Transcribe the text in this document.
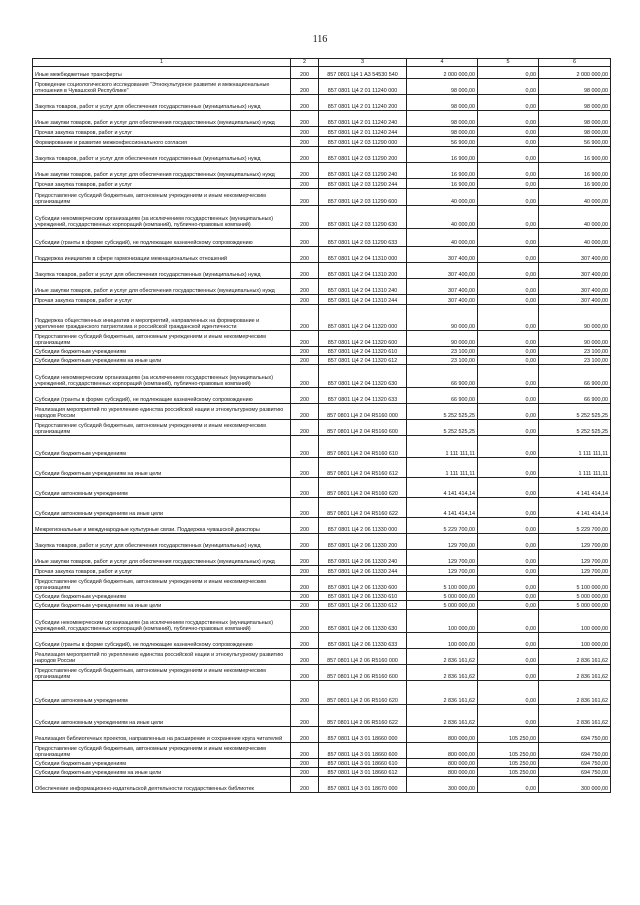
116
1	2	3	4	5	6
Иные межбюджетные трансферты	200	857 0801 Ц4 1 А3 54530 540	2 000 000,00	0,00	2 000 000,00
Проведение социологического исследования "Этнокультурное развитие и межнациональные отношения в Чувашской Республике"	200	857 0801 Ц4 2 01 11240 000	98 000,00	0,00	98 000,00
Закупка товаров, работ и услуг для обеспечения государственных (муниципальных) нужд	200	857 0801 Ц4 2 01 11240 200	98 000,00	0,00	98 000,00
Иные закупки товаров, работ и услуг для обеспечения государственных (муниципальных) нужд	200	857 0801 Ц4 2 01 11240 240	98 000,00	0,00	98 000,00
Прочая закупка товаров, работ и услуг	200	857 0801 Ц4 2 01 11240 244	98 000,00	0,00	98 000,00
Формирование и развитие межконфессионального согласия	200	857 0801 Ц4 2 03 11290 000	56 900,00	0,00	56 900,00
Закупка товаров, работ и услуг для обеспечения государственных (муниципальных) нужд	200	857 0801 Ц4 2 03 11290 200	16 900,00	0,00	16 900,00
Иные закупки товаров, работ и услуг для обеспечения государственных (муниципальных) нужд	200	857 0801 Ц4 2 03 11290 240	16 900,00	0,00	16 900,00
Прочая закупка товаров, работ и услуг	200	857 0801 Ц4 2 03 11290 244	16 900,00	0,00	16 900,00
Предоставление субсидий бюджетным, автономным учреждениям и иным некоммерческим организациям	200	857 0801 Ц4 2 03 11290 600	40 000,00	0,00	40 000,00
Субсидии некоммерческим организациям (за исключением государственных (муниципальных) учреждений, государственных корпораций (компаний), публично-правовых компаний)	200	857 0801 Ц4 2 03 11290 630	40 000,00	0,00	40 000,00
Субсидии (гранты в форме субсидий), не подлежащие казначейскому сопровождению	200	857 0801 Ц4 2 03 11290 633	40 000,00	0,00	40 000,00
Поддержка инициатив в сфере гармонизации межнациональных отношений	200	857 0801 Ц4 2 04 11310 000	307 400,00	0,00	307 400,00
Закупка товаров, работ и услуг для обеспечения государственных (муниципальных) нужд	200	857 0801 Ц4 2 04 11310 200	307 400,00	0,00	307 400,00
Иные закупки товаров, работ и услуг для обеспечения государственных (муниципальных) нужд	200	857 0801 Ц4 2 04 11310 240	307 400,00	0,00	307 400,00
Прочая закупка товаров, работ и услуг	200	857 0801 Ц4 2 04 11310 244	307 400,00	0,00	307 400,00
Поддержка общественных инициатив и мероприятий, направленных на формирование и укрепление гражданского патриотизма и российской гражданской идентичности	200	857 0801 Ц4 2 04 11320 000	90 000,00	0,00	90 000,00
Предоставление субсидий бюджетным, автономным учреждениям и иным некоммерческим организациям	200	857 0801 Ц4 2 04 11320 600	90 000,00	0,00	90 000,00
Субсидии бюджетным учреждениям	200	857 0801 Ц4 2 04 11320 610	23 100,00	0,00	23 100,00
Субсидии бюджетным учреждениям на иные цели	200	857 0801 Ц4 2 04 11320 612	23 100,00	0,00	23 100,00
Субсидии некоммерческим организациям (за исключением государственных (муниципальных) учреждений, государственных корпораций (компаний), публично-правовых компаний)	200	857 0801 Ц4 2 04 11320 630	66 900,00	0,00	66 900,00
Субсидии (гранты в форме субсидий), не подлежащие казначейскому сопровождению	200	857 0801 Ц4 2 04 11320 633	66 900,00	0,00	66 900,00
Реализация мероприятий по укреплению единства российской нации и этнокультурному развитию народов России	200	857 0801 Ц4 2 04 R5160 000	5 252 525,25	0,00	5 252 525,25
Предоставление субсидий бюджетным, автономным учреждениям и иным некоммерческим организациям	200	857 0801 Ц4 2 04 R5160 600	5 252 525,25	0,00	5 252 525,25
Субсидии бюджетным учреждениям	200	857 0801 Ц4 2 04 R5160 610	1 111 111,11	0,00	1 111 111,11
Субсидии бюджетным учреждениям на иные цели	200	857 0801 Ц4 2 04 R5160 612	1 111 111,11	0,00	1 111 111,11
Субсидии автономным учреждениям	200	857 0801 Ц4 2 04 R5160 620	4 141 414,14	0,00	4 141 414,14
Субсидии автономным учреждениям на иные цели	200	857 0801 Ц4 2 04 R5160 622	4 141 414,14	0,00	4 141 414,14
Межрегиональные и международные культурные связи. Поддержка чувашской диаспоры	200	857 0801 Ц4 2 06 11330 000	5 229 700,00	0,00	5 229 700,00
Закупка товаров, работ и услуг для обеспечения государственных (муниципальных) нужд	200	857 0801 Ц4 2 06 11330 200	129 700,00	0,00	129 700,00
Иные закупки товаров, работ и услуг для обеспечения государственных (муниципальных) нужд	200	857 0801 Ц4 2 06 11330 240	129 700,00	0,00	129 700,00
Прочая закупка товаров, работ и услуг	200	857 0801 Ц4 2 06 11330 244	129 700,00	0,00	129 700,00
Предоставление субсидий бюджетным, автономным учреждениям и иным некоммерческим организациям	200	857 0801 Ц4 2 06 11330 600	5 100 000,00	0,00	5 100 000,00
Субсидии бюджетным учреждениям	200	857 0801 Ц4 2 06 11330 610	5 000 000,00	0,00	5 000 000,00
Субсидии бюджетным учреждениям на иные цели	200	857 0801 Ц4 2 06 11330 612	5 000 000,00	0,00	5 000 000,00
Субсидии некоммерческим организациям (за исключением государственных (муниципальных) учреждений, государственных корпораций (компаний), публично-правовых компаний)	200	857 0801 Ц4 2 06 11330 630	100 000,00	0,00	100 000,00
Субсидии (гранты в форме субсидий), не подлежащие казначейскому сопровождению	200	857 0801 Ц4 2 06 11330 633	100 000,00	0,00	100 000,00
Реализация мероприятий по укреплению единства российской нации и этнокультурному развитию народов России	200	857 0801 Ц4 2 06 R5160 000	2 836 161,62	0,00	2 836 161,62
Предоставление субсидий бюджетным, автономным учреждениям и иным некоммерческим организациям	200	857 0801 Ц4 2 06 R5160 600	2 836 161,62	0,00	2 836 161,62
Субсидии автономным учреждениям	200	857 0801 Ц4 2 06 R5160 620	2 836 161,62	0,00	2 836 161,62
Субсидии автономным учреждениям на иные цели	200	857 0801 Ц4 2 06 R5160 622	2 836 161,62	0,00	2 836 161,62
Реализация библиотечных проектов, направленных на расширение и сохранение круга читателей	200	857 0801 Ц4 3 01 18660 000	800 000,00	105 250,00	694 750,00
Предоставление субсидий бюджетным, автономным учреждениям и иным некоммерческим организациям	200	857 0801 Ц4 3 01 18660 600	800 000,00	105 250,00	694 750,00
Субсидии бюджетным учреждениям	200	857 0801 Ц4 3 01 18660 610	800 000,00	105 250,00	694 750,00
Субсидии бюджетным учреждениям на иные цели	200	857 0801 Ц4 3 01 18660 612	800 000,00	105 250,00	694 750,00
Обеспечение информационно-издательской деятельности государственных библиотек	200	857 0801 Ц4 3 01 18670 000	300 000,00	0,00	300 000,00
